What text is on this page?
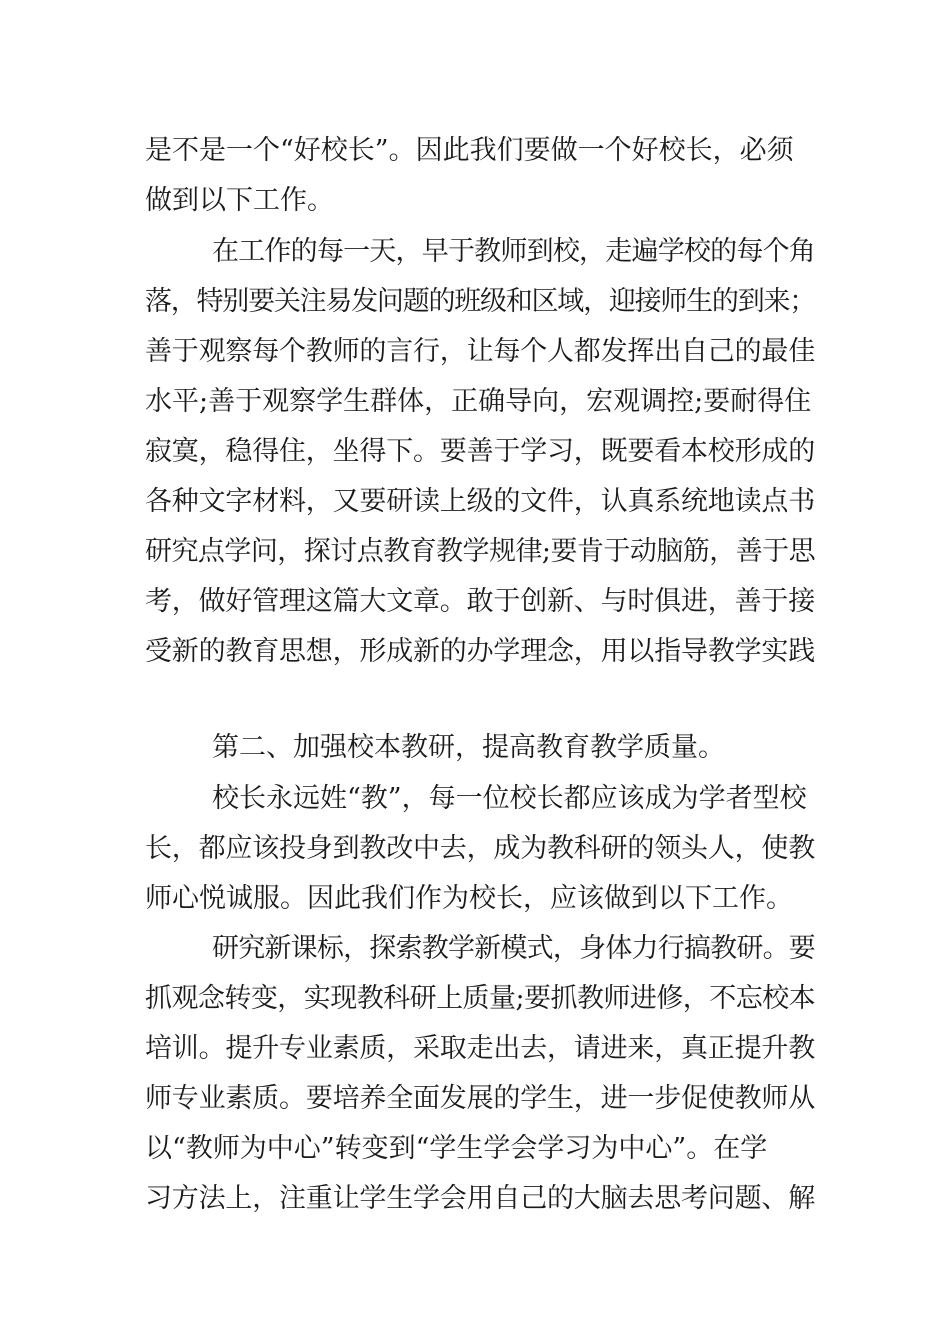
是不是一个“好校长”。因此我们要做一个好校长，必须
做到以下工作。
在工作的每一天，早于教师到校，走遍学校的每个角
落，特别要关注易发问题的班级和区域，迎接师生的到来；
善于观察每个教师的言行，让每个人都发挥出自己的最佳
水平;善于观察学生群体，正确导向，宏观调控;要耐得住
寂寞，稳得住，坐得下。要善于学习，既要看本校形成的
各种文字材料，又要研读上级的文件，认真系统地读点书
研究点学问，探讨点教育教学规律;要肯于动脑筋，善于思
考，做好管理这篇大文章。敢于创新、与时俱进，善于接
受新的教育思想，形成新的办学理念，用以指导教学实践
第二、加强校本教研，提高教育教学质量。
校长永远姓“教”，每一位校长都应该成为学者型校
长，都应该投身到教改中去，成为教科研的领头人，使教
师心悦诚服。因此我们作为校长，应该做到以下工作。
研究新课标，探索教学新模式，身体力行搞教研。要
抓观念转变，实现教科研上质量;要抓教师进修，不忘校本
培训。提升专业素质，采取走出去，请进来，真正提升教
师专业素质。要培养全面发展的学生，进一步促使教师从
以“教师为中心”转变到“学生学会学习为中心”。在学
习方法上，注重让学生学会用自己的大脑去思考问题、解
